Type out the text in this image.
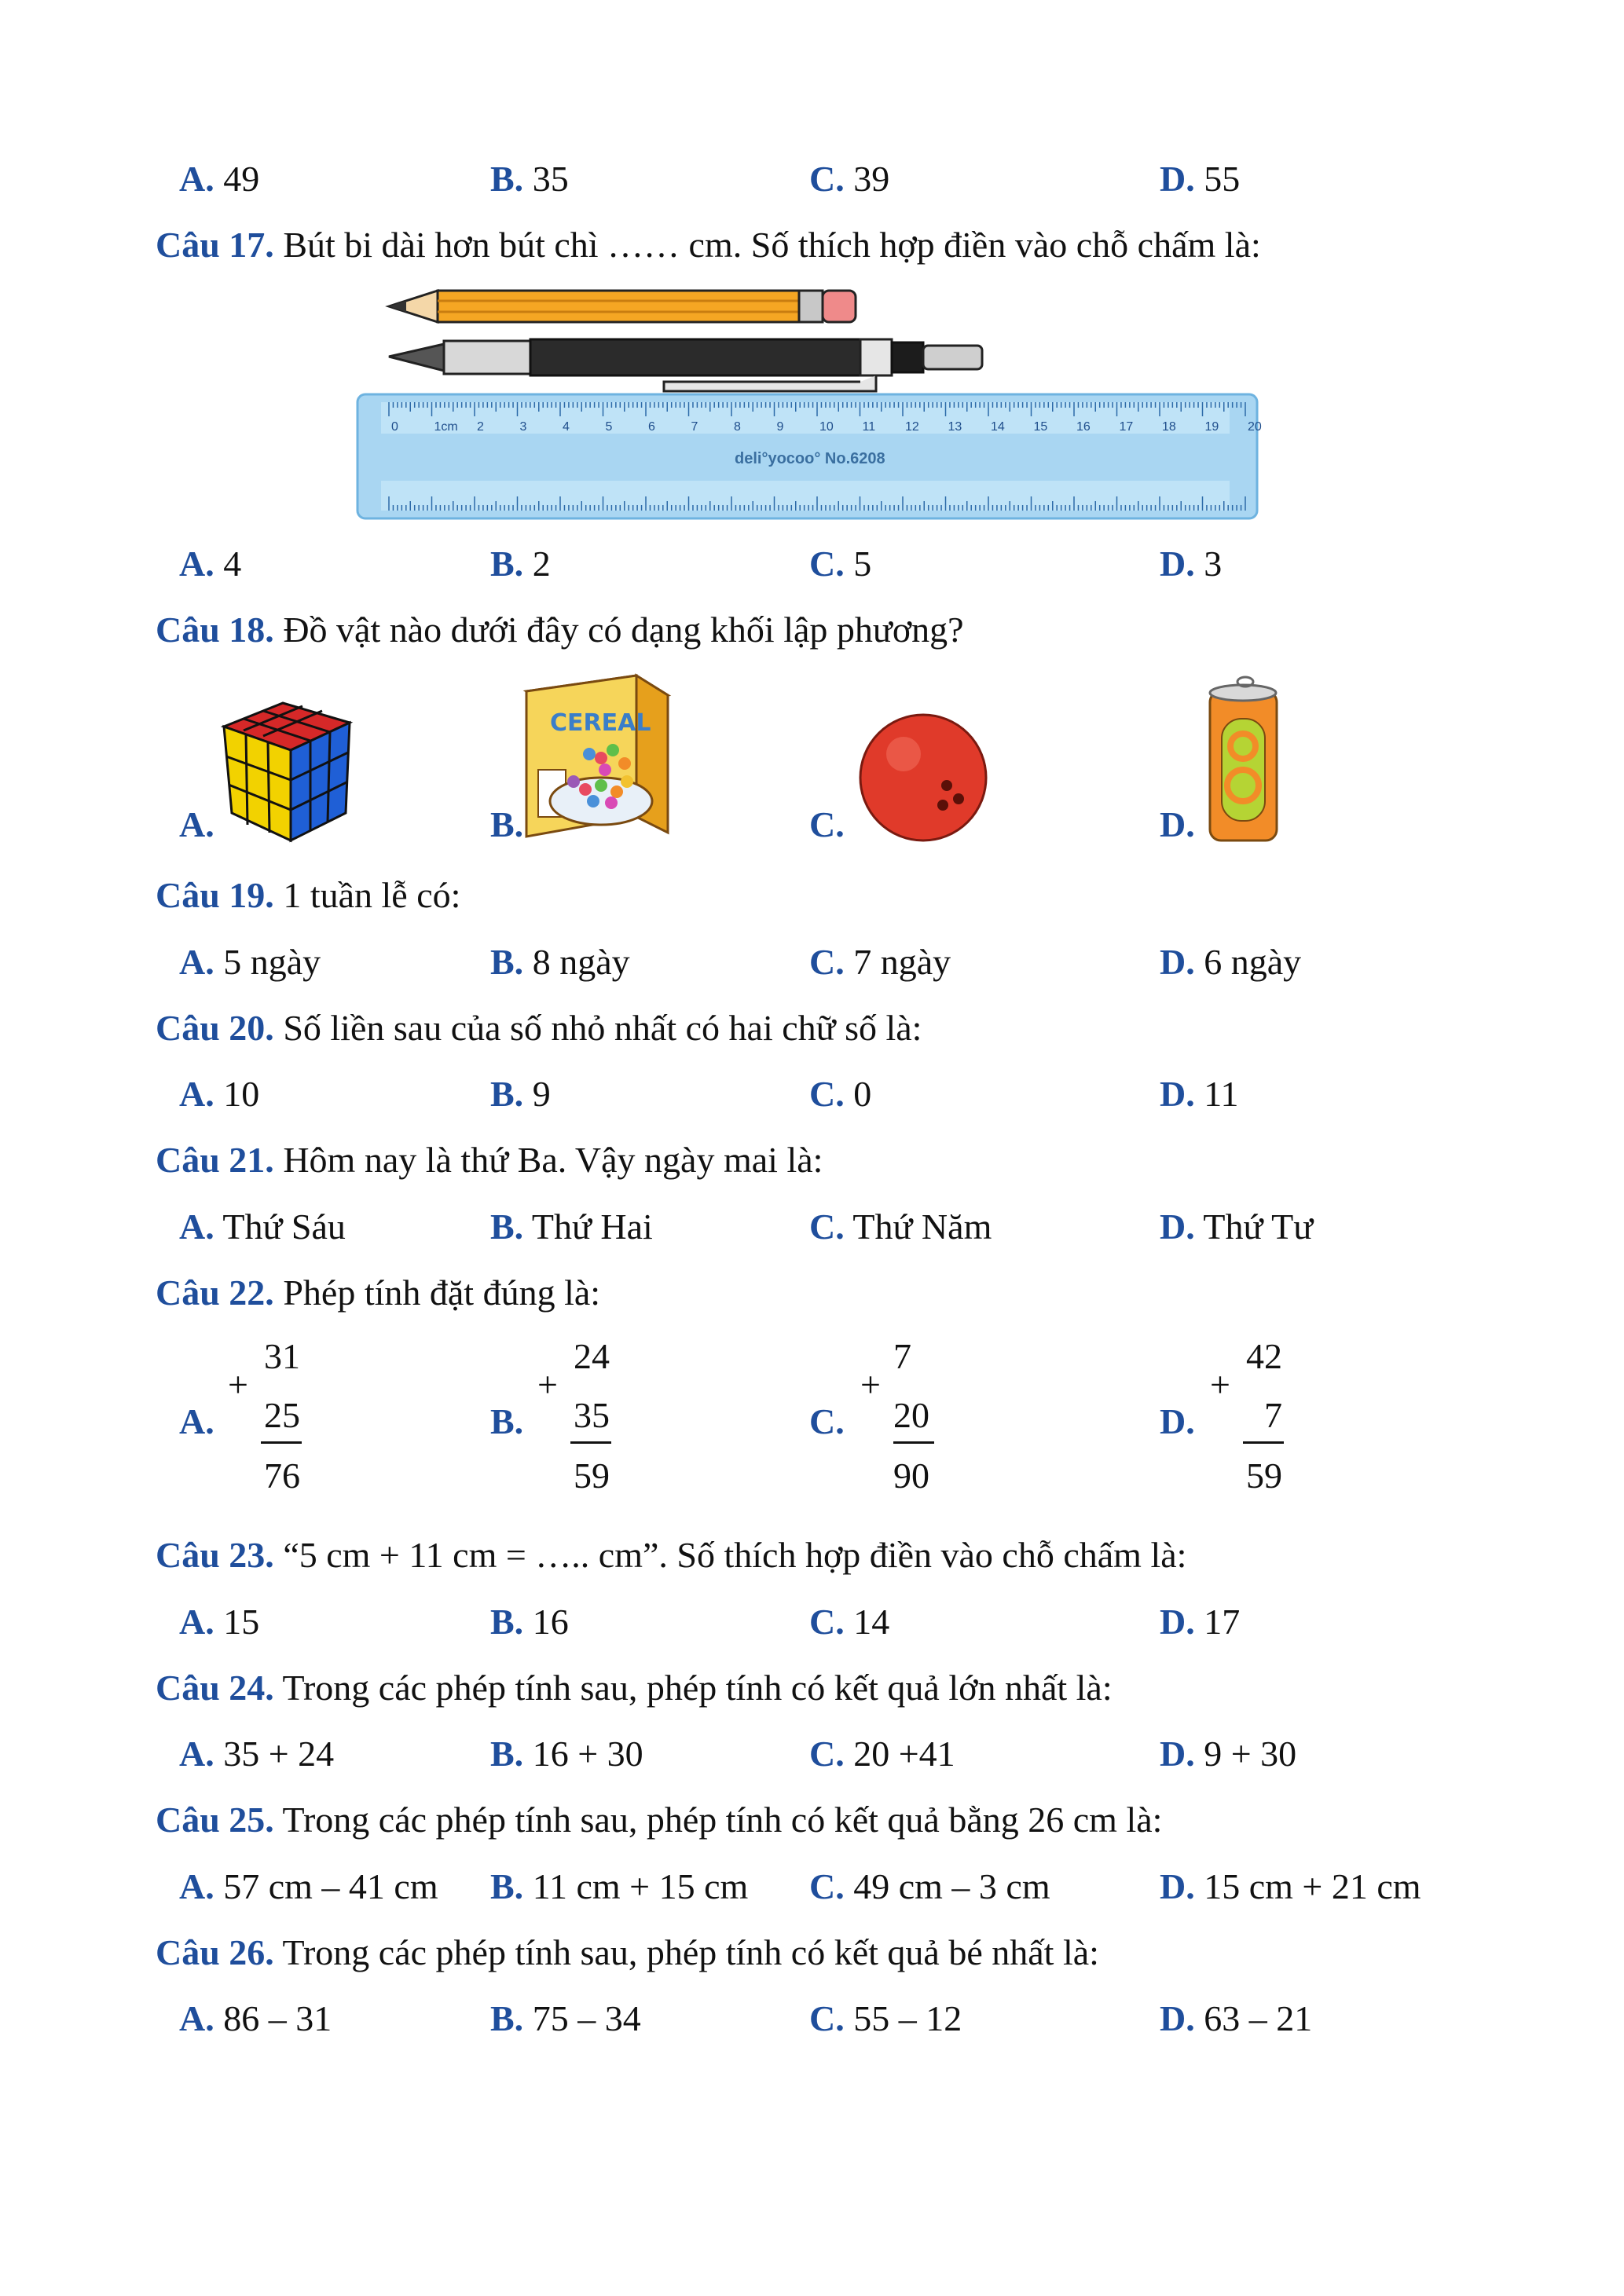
A. 49	B. 35	C. 39	D. 55
Câu 17. Bút bi dài hơn bút chì …… cm. Số thích hợp điền vào chỗ chấm là:
0	1cm 2	3	4	5	6	7	8	9	10 11 12 13 14 15 16 17 18 19 20
deli°yocoo° No.6208
A. 4	B. 2	C. 5	D. 3
Câu 18. Đồ vật nào dưới đây có dạng khối lập phương?
A.	B.
CEREAL
C.	D.
Câu 19. 1 tuần lễ có:
A. 5 ngày	B. 8 ngày	C. 7 ngày	D. 6 ngày
Câu 20. Số liền sau của số nhỏ nhất có hai chữ số là:
A. 10	B. 9	C. 0	D. 11
Câu 21. Hôm nay là thứ Ba. Vậy ngày mai là:
A. Thứ Sáu	B. Thứ Hai	C. Thứ Năm	D. Thứ Tư
Câu 22. Phép tính đặt đúng là:
A.
+
31
25
76
B.
+
24
35
59
C.
+
7
20
90
D.
+
42
7
59
Câu 23. “5 cm + 11 cm = ….. cm”. Số thích hợp điền vào chỗ chấm là:
A. 15	B. 16	C. 14	D. 17
Câu 24. Trong các phép tính sau, phép tính có kết quả lớn nhất là:
A. 35 + 24	B. 16 + 30	C. 20 +41	D. 9 + 30
Câu 25. Trong các phép tính sau, phép tính có kết quả bằng 26 cm là:
A. 57 cm – 41 cm B. 11 cm + 15 cm C. 49 cm – 3 cm	D. 15 cm + 21 cm
Câu 26. Trong các phép tính sau, phép tính có kết quả bé nhất là:
A. 86 – 31	B. 75 – 34	C. 55 – 12	D. 63 – 21
